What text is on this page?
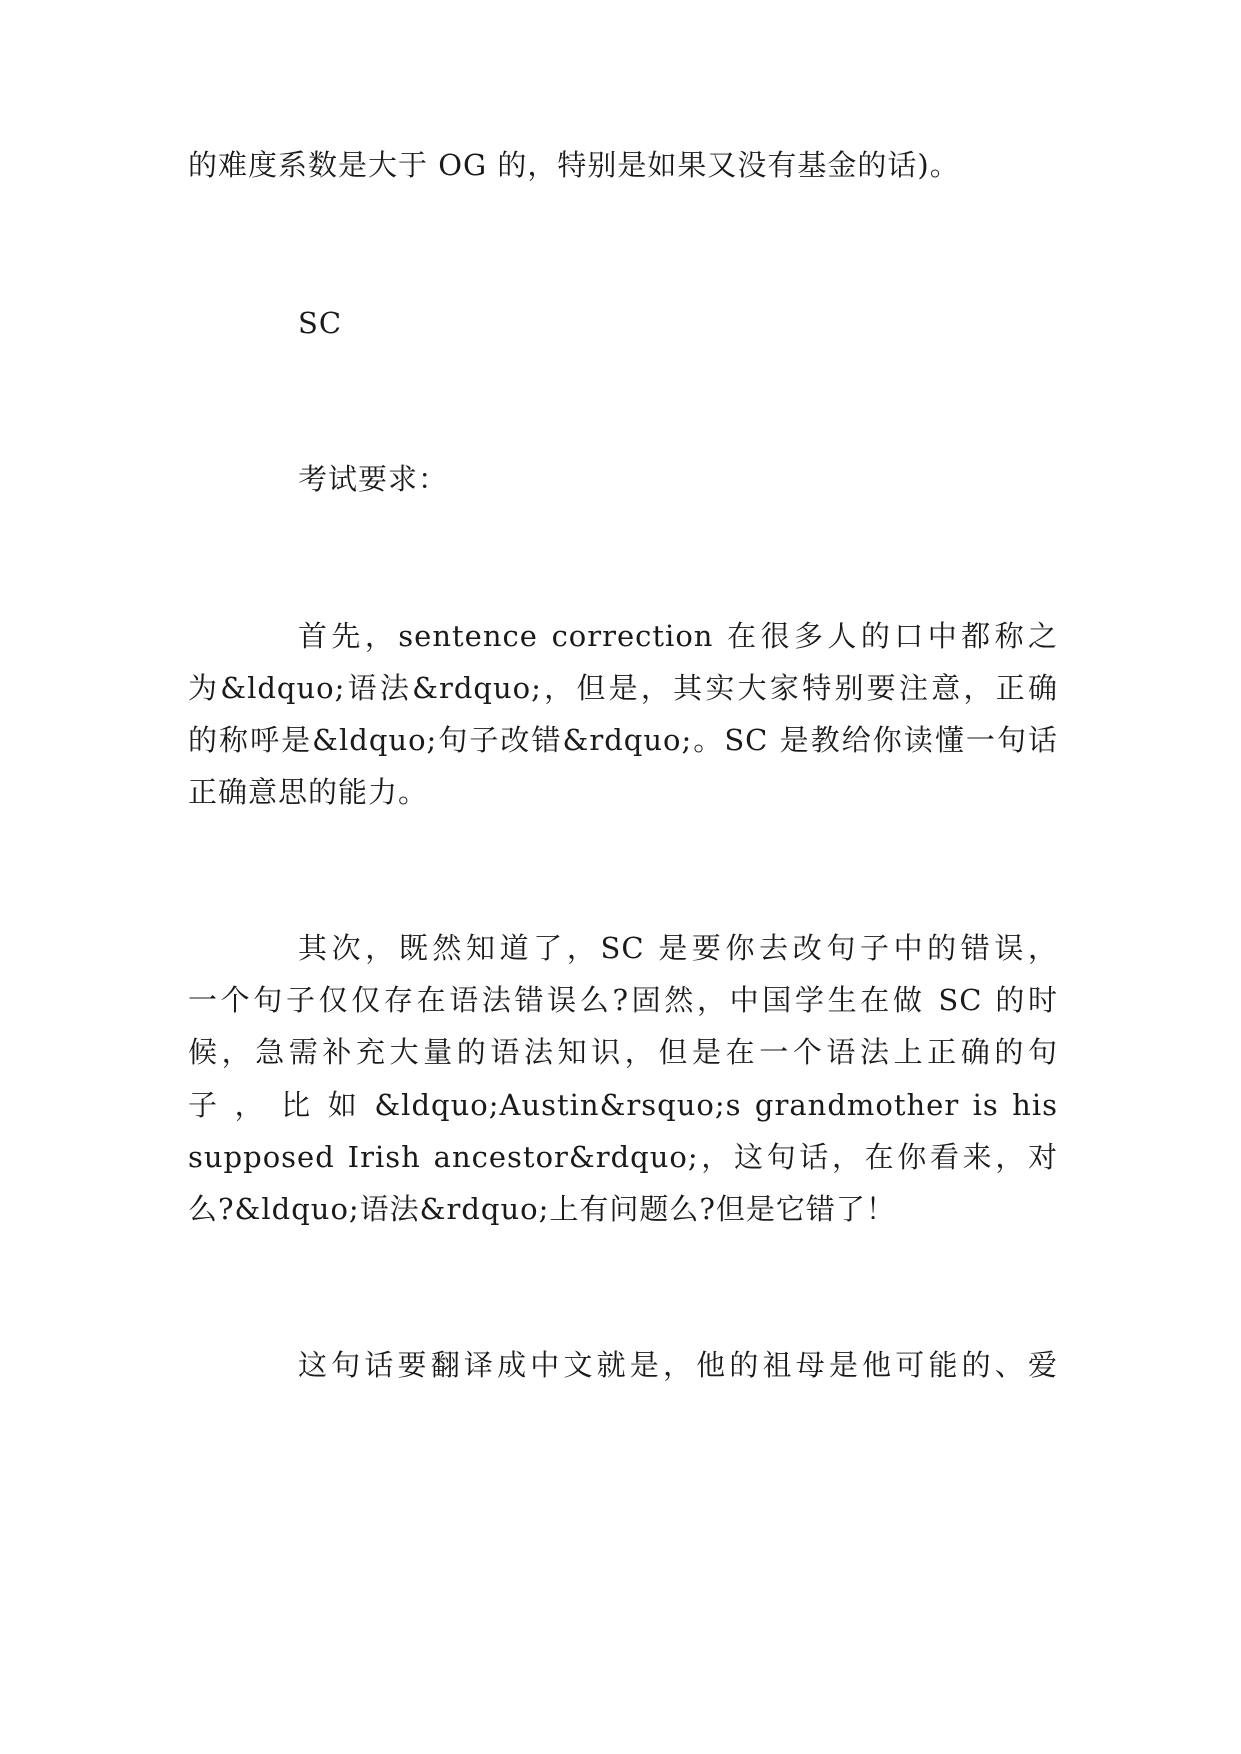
的难度系数是大于 OG 的，特别是如果又没有基金的话)。
SC
考试要求：
首先，sentence correction 在很多人的口中都称之
为&ldquo;语法&rdquo;，但是，其实大家特别要注意，正确
的称呼是&ldquo;句子改错&rdquo;。SC 是教给你读懂一句话
正确意思的能力。
其次，既然知道了，SC 是要你去改句子中的错误，
一个句子仅仅存在语法错误么?固然，中国学生在做 SC 的时
候，急需补充大量的语法知识，但是在一个语法上正确的句
子 ， 比 如 &ldquo;Austin&rsquo;s grandmother is his
supposed Irish ancestor&rdquo;，这句话，在你看来，对
么?&ldquo;语法&rdquo;上有问题么?但是它错了！
这句话要翻译成中文就是，他的祖母是他可能的、爱
